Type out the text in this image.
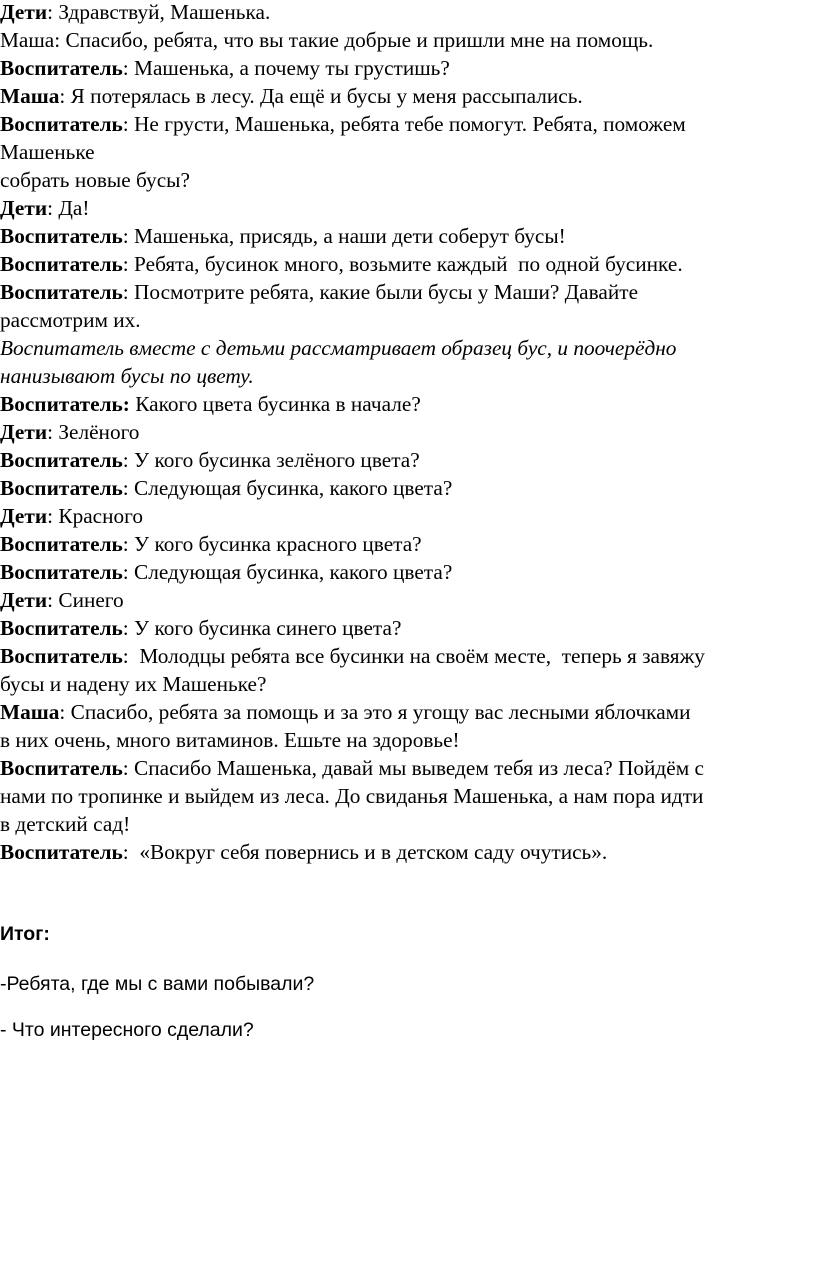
Дети: Здравствуй, Машенька.
Маша: Спасибо, ребята, что вы такие добрые и пришли мне на помощь.
Воспитатель: Машенька, а почему ты грустишь?
Маша: Я потерялась в лесу. Да ещё и бусы у меня рассыпались.
Воспитатель: Не грусти, Машенька, ребята тебе помогут. Ребята, поможем
Машеньке
собрать новые бусы?
Дети: Да!
Воспитатель: Машенька, присядь, а наши дети соберут бусы!
Воспитатель: Ребята, бусинок много, возьмите каждый  по одной бусинке.
Воспитатель: Посмотрите ребята, какие были бусы у Маши? Давайте
рассмотрим их.
Воспитатель вместе с детьми рассматривает образец бус, и поочерёдно
нанизывают бусы по цвету.
Воспитатель: Какого цвета бусинка в начале?
Дети: Зелёного
Воспитатель: У кого бусинка зелёного цвета?
Воспитатель: Следующая бусинка, какого цвета?
Дети: Красного
Воспитатель: У кого бусинка красного цвета?
Воспитатель: Следующая бусинка, какого цвета?
Дети: Синего
Воспитатель: У кого бусинка синего цвета?
Воспитатель:  Молодцы ребята все бусинки на своём месте,  теперь я завяжу
бусы и надену их Машеньке?
Маша: Спасибо, ребята за помощь и за это я угощу вас лесными яблочками
в них очень, много витаминов. Ешьте на здоровье!
Воспитатель: Спасибо Машенька, давай мы выведем тебя из леса? Пойдём с
нами по тропинке и выйдем из леса. До свиданья Машенька, а нам пора идти
в детский сад!
Воспитатель:  «Вокруг себя повернись и в детском саду очутись».
Итог:
-Ребята, где мы с вами побывали?
- Что интересного сделали?
